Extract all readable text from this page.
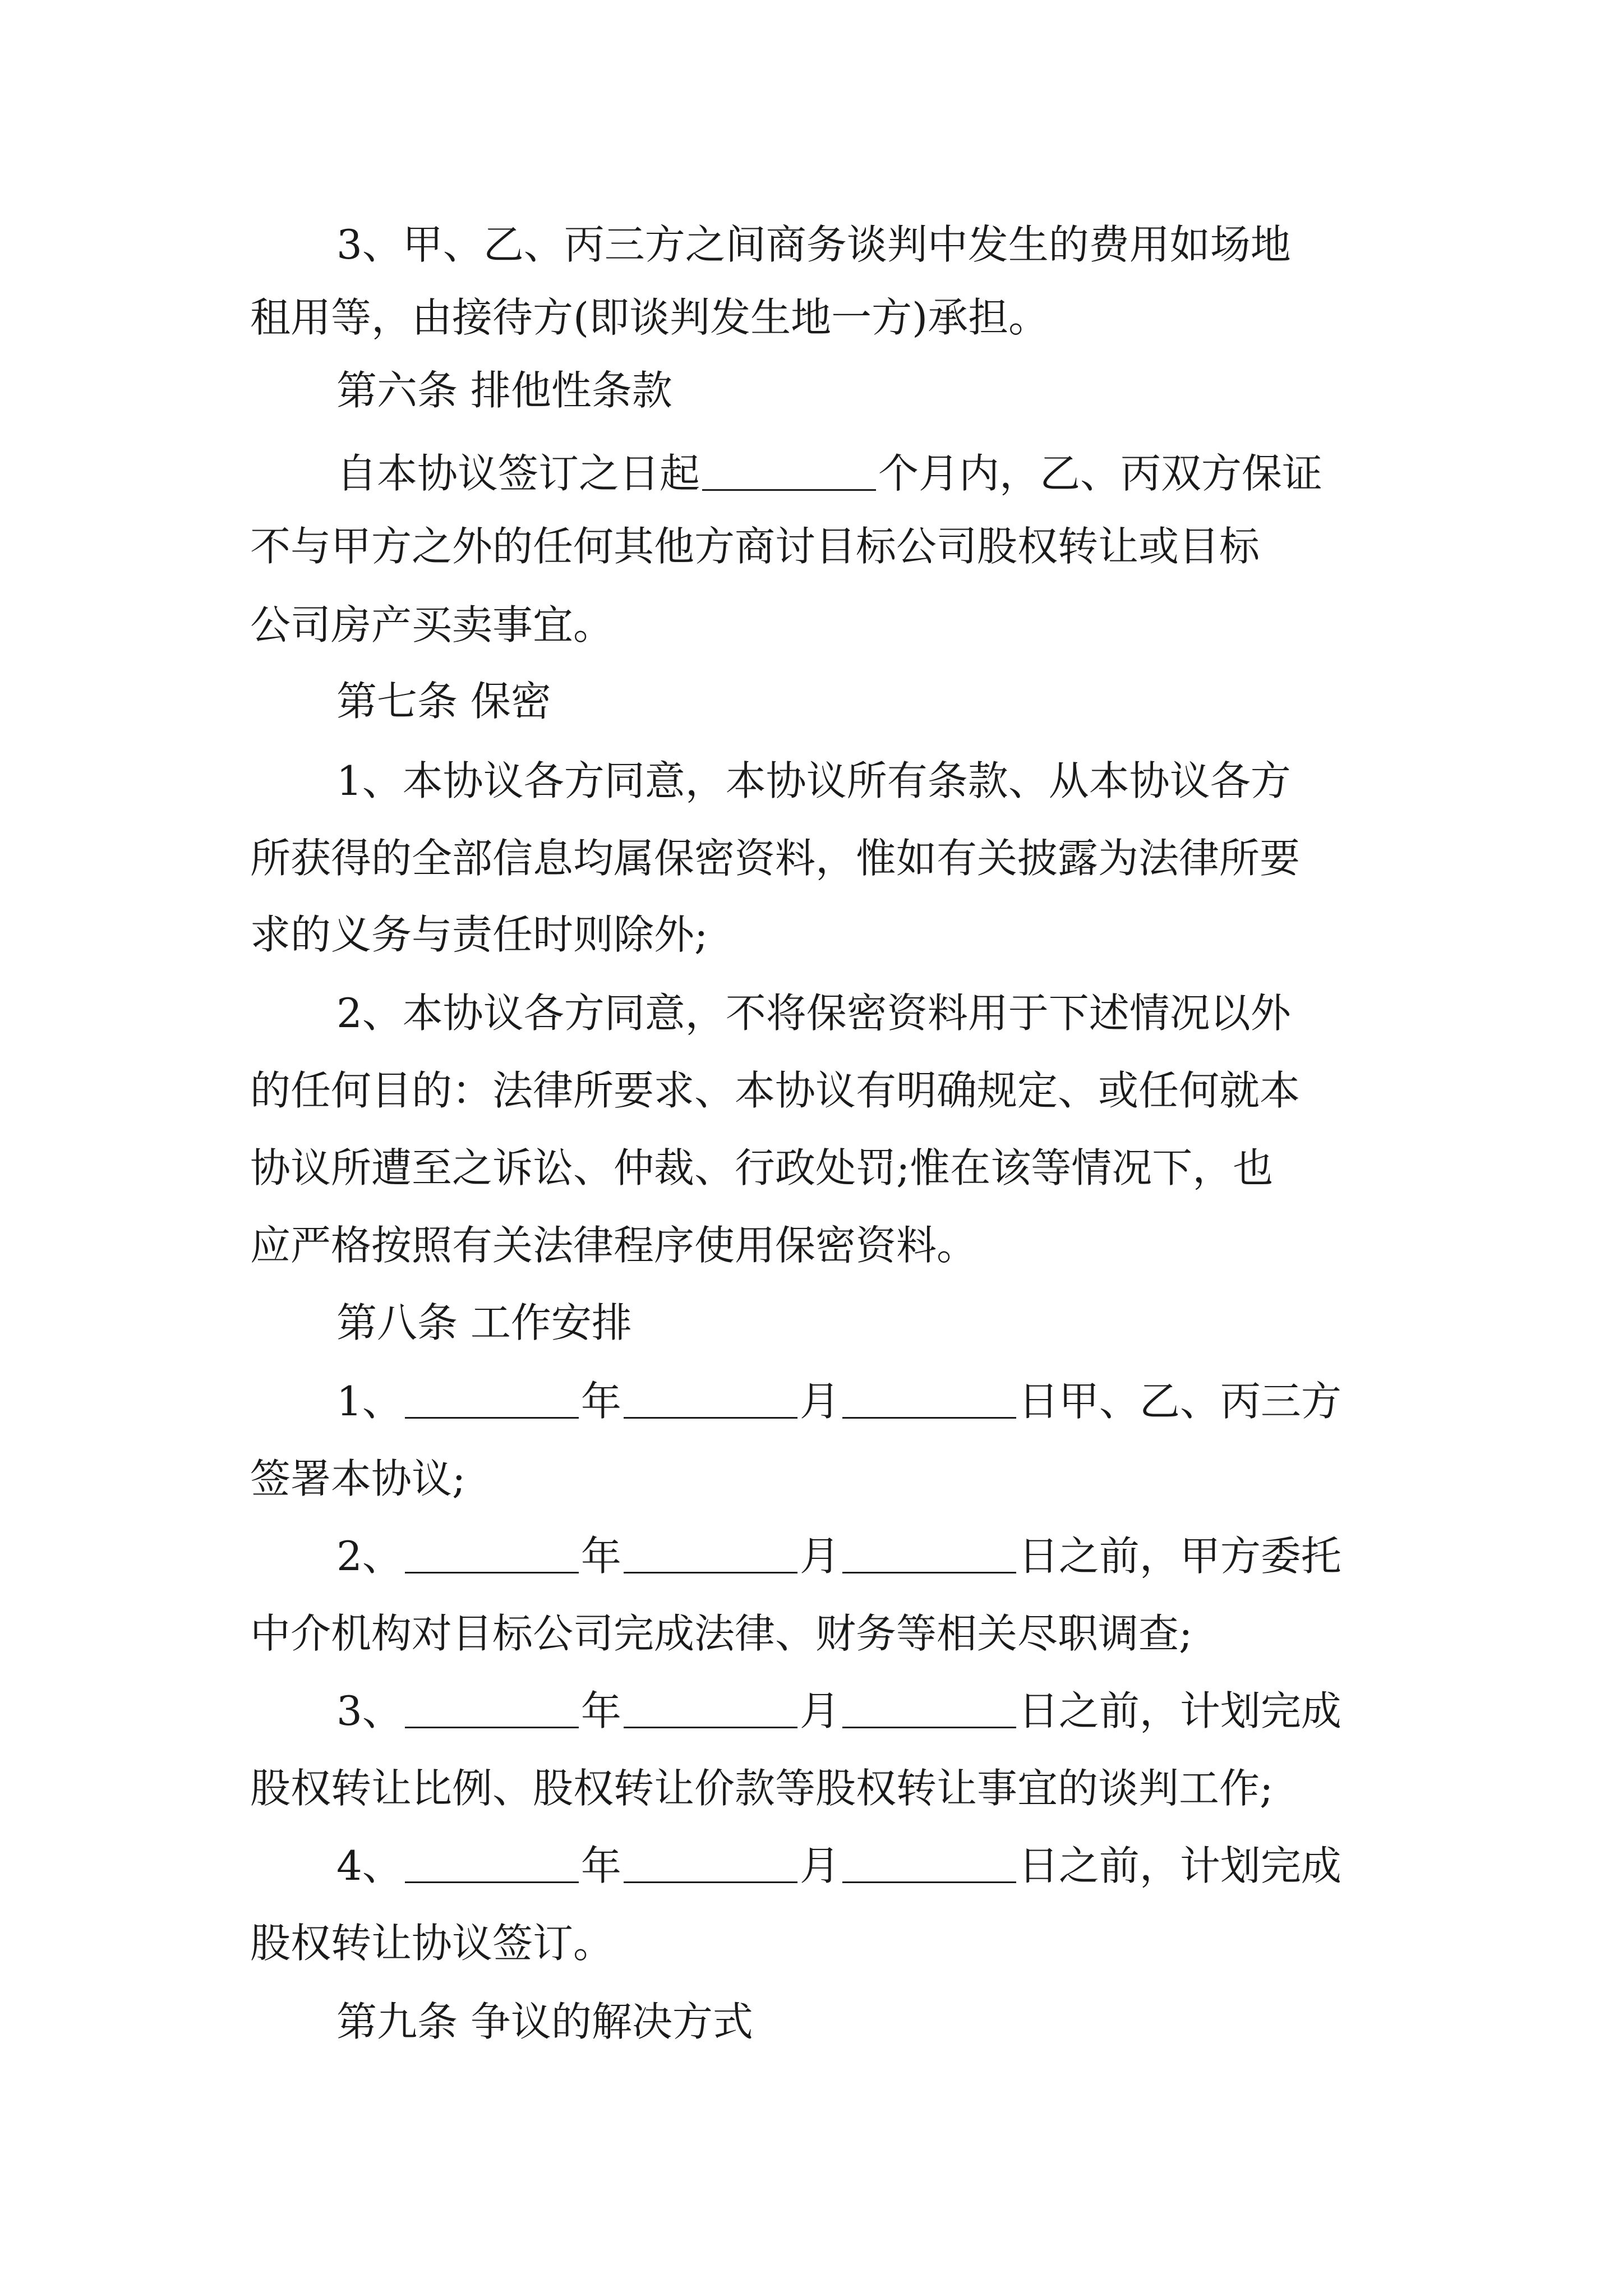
3、甲、乙、丙三方之间商务谈判中发生的费用如场地
租用等，由接待方(即谈判发生地一方)承担。
第六条 排他性条款
自本协议签订之日起	个月内，乙、丙双方保证
不与甲方之外的任何其他方商讨目标公司股权转让或目标
公司房产买卖事宜。
第七条 保密
1、本协议各方同意，本协议所有条款、从本协议各方
所获得的全部信息均属保密资料，惟如有关披露为法律所要
求的义务与责任时则除外;
2、本协议各方同意，不将保密资料用于下述情况以外
的任何目的：法律所要求、本协议有明确规定、或任何就本
协议所遭至之诉讼、仲裁、行政处罚;惟在该等情况下，也
应严格按照有关法律程序使用保密资料。
第八条 工作安排
1、	年	月	日甲、乙、丙三方
签署本协议;
2、	年	月	日之前，甲方委托
中介机构对目标公司完成法律、财务等相关尽职调查;
3、	年	月	日之前，计划完成
股权转让比例、股权转让价款等股权转让事宜的谈判工作;
4、	年	月	日之前，计划完成
股权转让协议签订。
第九条 争议的解决方式
